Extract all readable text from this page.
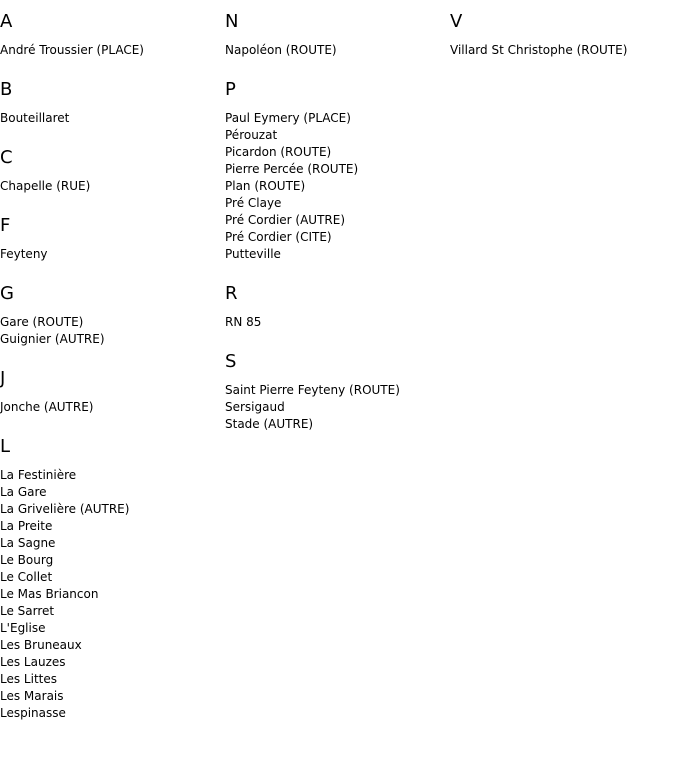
A
André Troussier (PLACE)
B
Bouteillaret
C
Chapelle (RUE)
F
Feyteny
G
Gare (ROUTE)
Guignier (AUTRE)
J
Jonche (AUTRE)
L
La Festinière
La Gare
La Grivelière (AUTRE)
La Preite
La Sagne
Le Bourg
Le Collet
Le Mas Briancon
Le Sarret
L'Eglise
Les Bruneaux
Les Lauzes
Les Littes
Les Marais
Lespinasse
N
Napoléon (ROUTE)
P
Paul Eymery (PLACE)
Pérouzat
Picardon (ROUTE)
Pierre Percée (ROUTE)
Plan (ROUTE)
Pré Claye
Pré Cordier (AUTRE)
Pré Cordier (CITE)
Putteville
R
RN 85
S
Saint Pierre Feyteny (ROUTE)
Sersigaud
Stade (AUTRE)
V
Villard St Christophe (ROUTE)
